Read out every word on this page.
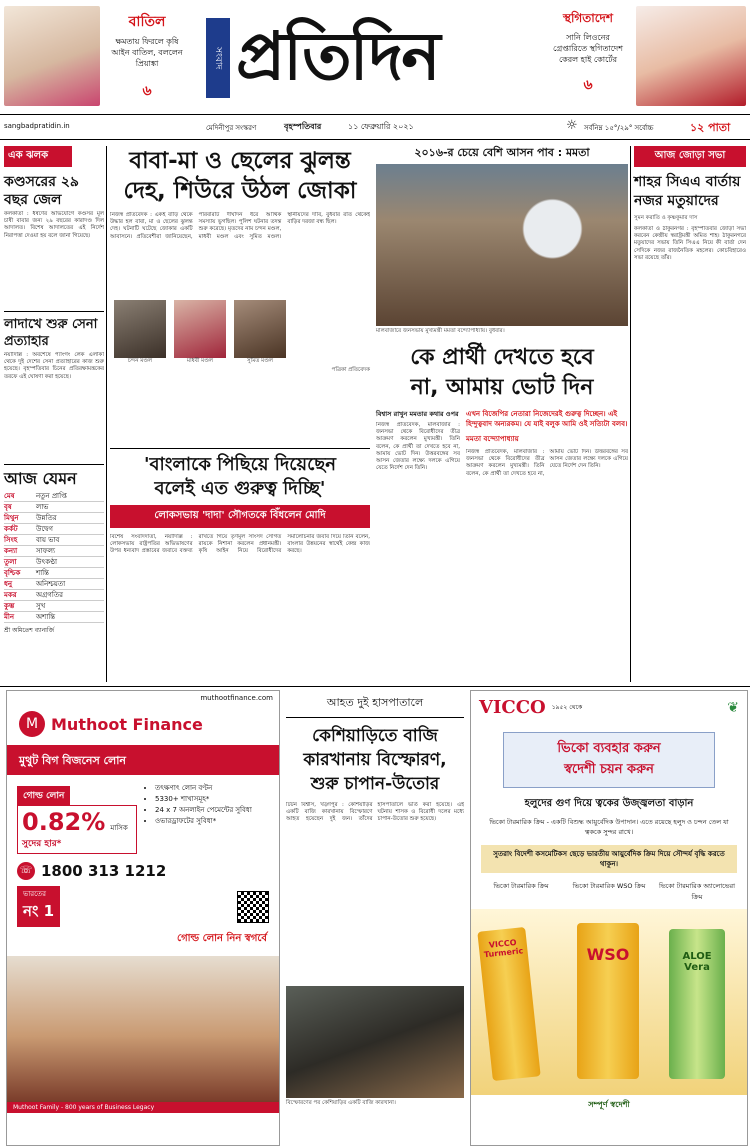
বাতিল
ক্ষমতায় ফিরলে কৃষি আইন বাতিল, বললেন প্রিয়াঙ্কা
৬
সংবাদ প্রতিদিন	স্থগিতাদেশ
সানি লিওনের গ্রেপ্তারিতে স্থগিতাদেশ কেরল হাই কোর্টের
৬
sangbadpratidin.in	মেদিনীপুর সংস্করণ	বৃহস্পতিবার	১১ ফেব্রুয়ারি ২০২১	☼ সর্বনিম্ন ১৫°/২৯° সর্বোচ্চ	১২ পাতা
এক ঝলক
কণ্ডসরের ২৯ বছর জেল
কলকাতা : ধর্ষণের অভিযোগে কণ্ডসর মূল চাষী বাবার জন্য ২৯ বছরের কারাদণ্ড দিল আদালত। বিশেষ আদালতের এই নির্দেশ নিরাপত্তা দেওয়া হয় বলে জানা গিয়েছে।
লাদাখে শুরু সেনা প্রত্যাহার
নয়াদিল্লি : অবশেষে প্যাংগং লেক এলাকা থেকে দুই দেশের সেনা প্রত্যাহারের কাজ শুরু হয়েছে। বৃহস্পতিবার চিনের প্রতিরক্ষামন্ত্রকের তরফে এই ঘোষণা করা হয়েছে।
আজ যেমন
মেষ	নতুন প্রাপ্তি
বৃষ	লাভ
মিথুন	উন্নতির
কর্কট	উদ্বেগ
সিংহ	বায় ভাব
কন্যা	সাফল্য
তুলা	উৎকণ্ঠা
বৃশ্চিক	শান্তি
ধনু	অনিশ্চয়তা
মকর	অগ্রগতির
কুম্ভ	সুখ
মীন	অশান্তি
শ্রী অমিতেশ ব্যানার্জি
বাবা-মা ও ছেলের ঝুলন্ত
দেহ, শিউরে উঠল জোকা
নিজস্ব প্রতিবেদক : একই বাড়ি থেকে উদ্ধার হল বাবা, মা ও ছেলের ঝুলন্ত দেহ। ঘটনাটি ঘটেছে জোকার একটি আবাসনে। প্রতিবেশীরা জানিয়েছেন, পরিবারটি দীর্ঘদিন ধরে আর্থিক সমস্যায় ভুগছিল। পুলিশ ঘটনার তদন্ত শুরু করেছে। মৃতদের নাম চন্দন মণ্ডল, মাধবী মণ্ডল এবং সুমিত মণ্ডল। স্থানীয়দের দাবি, বুধবার রাত থেকেই বাড়ির দরজা বন্ধ ছিল।
চন্দন মণ্ডল	মাধবী মণ্ডল	সুমিত মণ্ডল
পত্রিকা প্রতিবেদক
'বাংলাকে পিছিয়ে দিয়েছেন
বলেই এত গুরুত্ব দিচ্ছি'
লোকসভায় 'দাদা' সৌগতকে বিঁধলেন মোদি
বিশেষ সংবাদদাতা, নয়াদিল্লি : লোকসভায় রাষ্ট্রপতির অভিভাষণের উপর ধন্যবাদ প্রস্তাবের জবাবে বক্তব্য রাখতে গিয়ে তৃণমূল সাংসদ সৌগত রায়কে নিশানা করলেন প্রধানমন্ত্রী। কৃষি আইন নিয়ে বিরোধীদের সমালোচনার জবাব দিয়ে তিনি বলেন, বাংলার উন্নয়নের স্বার্থেই কেন্দ্র কাজ করছে।
২০১৬-র চেয়ে বেশি আসন পাব : মমতা
মালবাজারে জনসভায় মুখ্যমন্ত্রী মমতা বন্দ্যোপাধ্যায়। বুধবার।
কে প্রার্থী দেখতে হবে
না, আমায় ভোট দিন
বিশ্বাস রাখুন মমতার কথার ওপর
নিজস্ব প্রতিবেদক, মালবাজার : জনসভা থেকে বিরোধীদের তীব্র আক্রমণ করলেন মুখ্যমন্ত্রী। তিনি বলেন, কে প্রার্থী তা দেখতে হবে না, আমায় ভোট দিন। উত্তরবঙ্গের সব আসন জেতার লক্ষ্যে দলকে এগিয়ে যেতে নির্দেশ দেন তিনি।
এখন বিজেপির নেতারা নিজেদেরই গুরুত্ব দিচ্ছেন। এই হিন্দুত্ববাদ অন্যরকম। যে যাই বলুক আমি ওই সত্যিটা বলব।
মমতা বন্দ্যোপাধ্যায়
নিজস্ব প্রতিবেদক, মালবাজার : জনসভা থেকে বিরোধীদের তীব্র আক্রমণ করলেন মুখ্যমন্ত্রী। তিনি বলেন, কে প্রার্থী তা দেখতে হবে না, আমায় ভোট দিন। উত্তরবঙ্গের সব আসন জেতার লক্ষ্যে দলকে এগিয়ে যেতে নির্দেশ দেন তিনি।
আজ জোড়া সভা
শাহর সিএএ বার্তায় নজর মতুয়াদের
সুমন করাতি ও কৃষ্ণকুমার দাস
কলকাতা ও ঠাকুরনগর : বৃহস্পতিবার জোড়া সভা করবেন কেন্দ্রীয় স্বরাষ্ট্রমন্ত্রী অমিত শাহ। ঠাকুরনগরে মতুয়াদের সভায় তিনি সিএএ নিয়ে কী বার্তা দেন সেদিকে নজর রাজনৈতিক মহলের। কোচবিহারেও সভা রয়েছে তাঁর।
muthootfinance.com
M Muthoot Finance
মুথুট বিগ বিজনেস লোন
গোল্ড লোন
0.82% মাসিক
সুদের হার*
• তৎক্ষণাৎ লোন বণ্টন
• 5330+ শাখাসমূহ*
• 24 x 7 অনলাইন পেমেন্টের সুবিধা
• ওভারড্রাফটের সুবিধা*
☏ 1800 313 1212
ভারতের
নং 1
গোল্ড লোন নিন স্বগর্বে
Muthoot Family - 800 years of Business Legacy
আহত দুই হাসপাতালে
কেশিয়াড়িতে বাজি
কারখানায় বিস্ফোরণ,
শুরু চাপান-উতোর
টিটন বিশ্বাস, খড়্গপুর : কেশিয়াড়ির একটি বাজি কারখানায় বিস্ফোরণে আহত হয়েছেন দুই জন। তাঁদের হাসপাতালে ভর্তি করা হয়েছে। এই ঘটনায় শাসক ও বিরোধী দলের মধ্যে চাপান-উতোর শুরু হয়েছে।
বিস্ফোরণের পর কেশিয়াড়ির একটি বাজি কারখানা।
VICCO ১৯৫২ থেকে	❦
ভিকো ব্যবহার করুন
স্বদেশী চয়ন করুন
হলুদের গুণ দিয়ে ত্বকের উজ্জ্বলতা বাড়ান
ভিকো টারমারিক ক্রিম - একটি বিশুদ্ধ আয়ুর্বেদিক উপাদান। এতে রয়েছে হলুদ ও চন্দন তেল যা ত্বককে সুন্দর রাখে।
সুতরাং বিদেশী কসমেটিকস ছেড়ে ভারতীয় আয়ুর্বেদিক ক্রিম দিয়ে সৌন্দর্য বৃদ্ধি করতে থাকুন।
ভিকো টারমারিক ক্রিম	ভিকো টারমারিক WSO ক্রিম	ভিকো টারমারিক অ্যালোভেরা ক্রিম
VICCO Turmeric	WSO	ALOE Vera
সম্পূর্ণ স্বদেশী
